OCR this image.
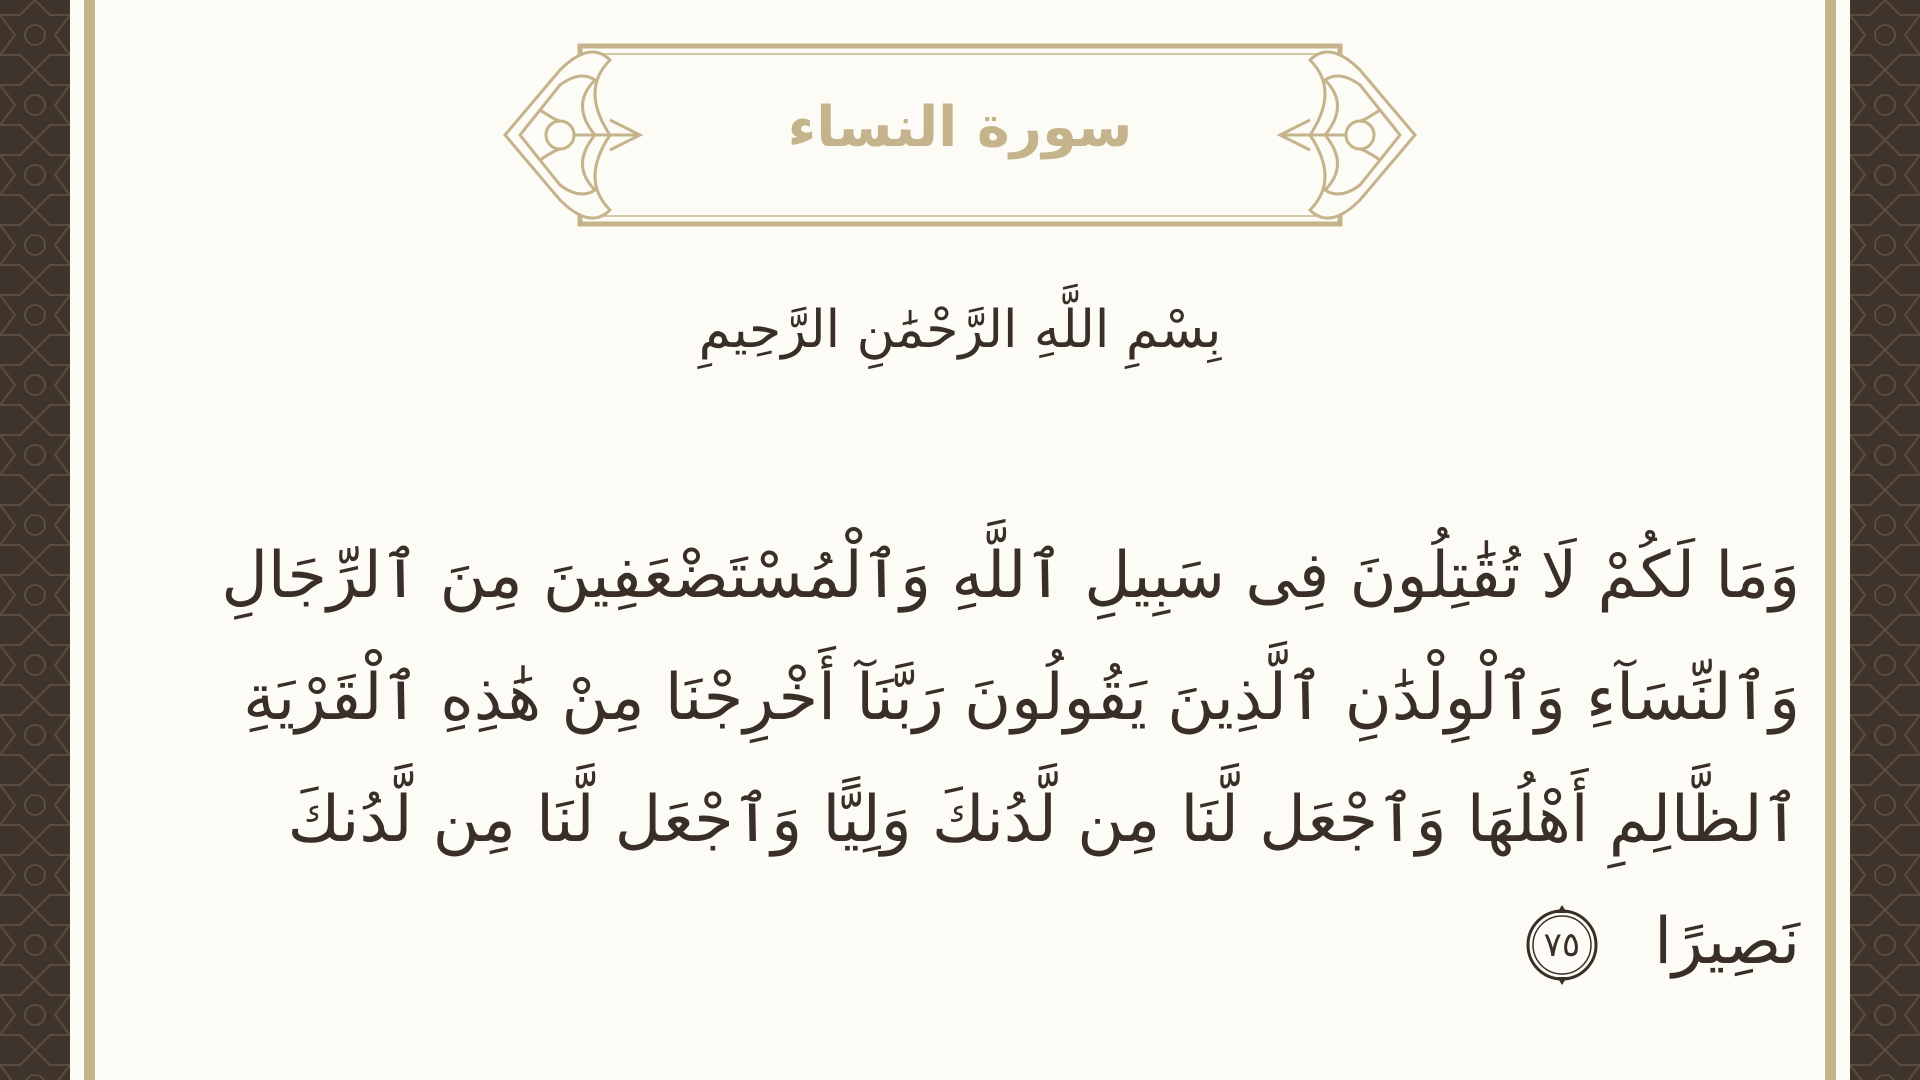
سورة النساء
بِسْمِ اللَّهِ الرَّحْمَٰنِ الرَّحِيمِ
وَمَا لَكُمْ لَا تُقَٰتِلُونَ فِى سَبِيلِ ٱللَّهِ وَٱلْمُسْتَضْعَفِينَ مِنَ ٱلرِّجَالِ
وَٱلنِّسَآءِ وَٱلْوِلْدَٰنِ ٱلَّذِينَ يَقُولُونَ رَبَّنَآ أَخْرِجْنَا مِنْ هَٰذِهِ ٱلْقَرْيَةِ
ٱلظَّالِمِ أَهْلُهَا وَٱجْعَل لَّنَا مِن لَّدُنكَ وَلِيًّا وَٱجْعَل لَّنَا مِن لَّدُنكَ
نَصِيرًا
٧٥
